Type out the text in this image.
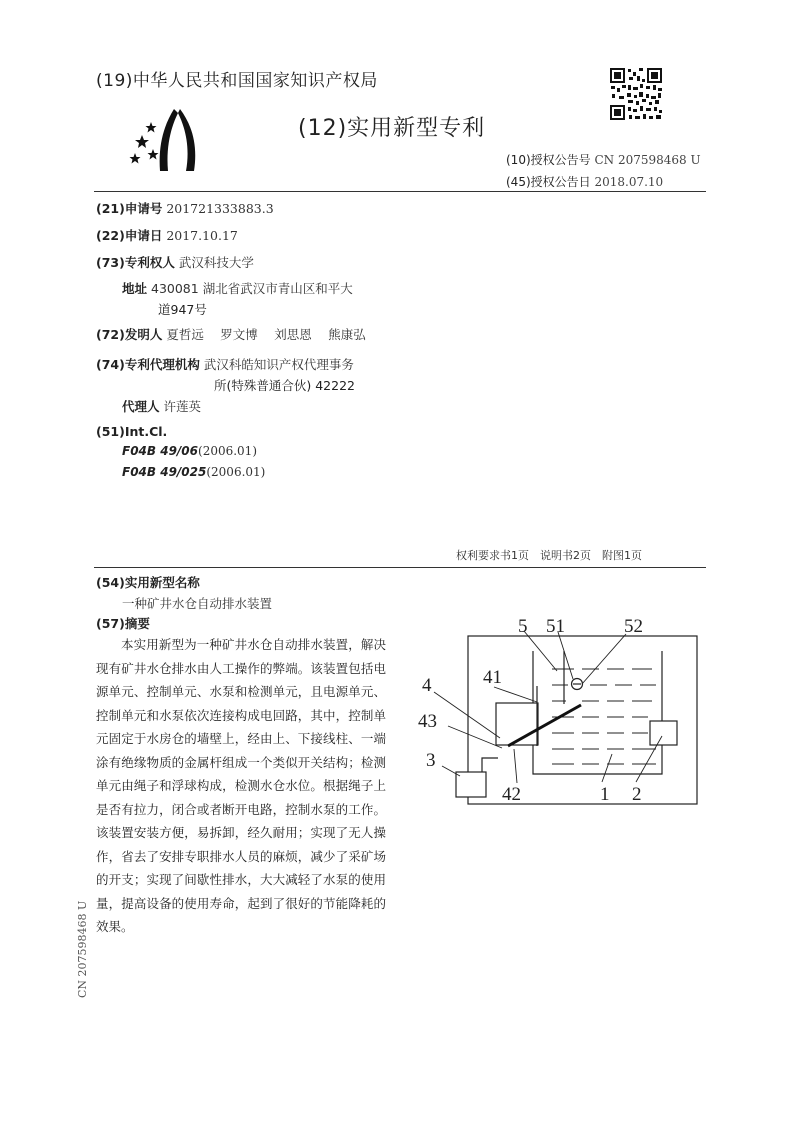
(19)中华人民共和国国家知识产权局
(12)实用新型专利
(10)授权公告号 CN 207598468 U
(45)授权公告日 2018.07.10
(21)申请号 201721333883.3
(22)申请日 2017.10.17
(73)专利权人 武汉科技大学
地址 430081 湖北省武汉市青山区和平大
道947号
(72)发明人 夏哲远　 罗文博　 刘思恩　 熊康弘
(74)专利代理机构 武汉科皓知识产权代理事务
所(特殊普通合伙) 42222
代理人 许莲英
(51)Int.Cl.
F04B 49/06(2006.01)
F04B 49/025(2006.01)
权利要求书1页　说明书2页　附图1页
(54)实用新型名称
一种矿井水仓自动排水装置
(57)摘要
本实用新型为一种矿井水仓自动排水装置，解决现有矿井水仓排水由人工操作的弊端。该装置包括电源单元、控制单元、水泵和检测单元，且电源单元、控制单元和水泵依次连接构成电回路，其中，控制单元固定于水房仓的墙壁上，经由上、下接线柱、一端涂有绝缘物质的金属杆组成一个类似开关结构；检测单元由绳子和浮球构成，检测水仓水位。根据绳子上是否有拉力，闭合或者断开电路，控制水泵的工作。该装置安装方便，易拆卸，经久耐用；实现了无人操作，省去了安排专职排水人员的麻烦，减少了采矿场的开支；实现了间歇性排水，大大减轻了水泵的使用量，提高设备的使用寿命，起到了很好的节能降耗的效果。
5 51	52
4	41
43
3
42	1 2
CN 207598468 U
